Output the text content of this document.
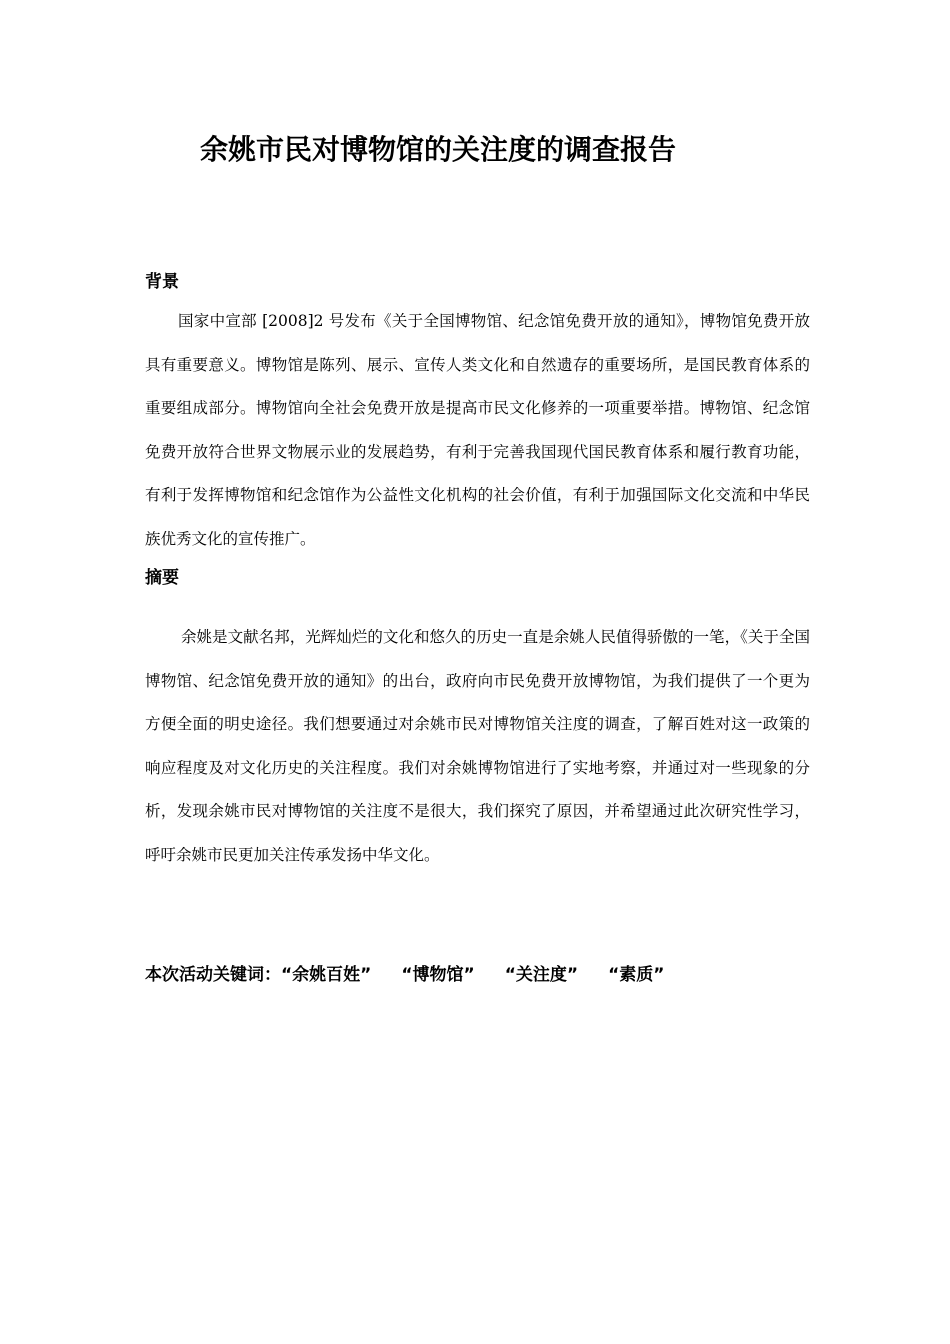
余姚市民对博物馆的关注度的调查报告
背景
国家中宣部 [2008]2 号发布《关于全国博物馆、纪念馆免费开放的通知》，博物馆免费开放具有重要意义。博物馆是陈列、展示、宣传人类文化和自然遗存的重要场所，是国民教育体系的重要组成部分。博物馆向全社会免费开放是提高市民文化修养的一项重要举措。博物馆、纪念馆免费开放符合世界文物展示业的发展趋势，有利于完善我国现代国民教育体系和履行教育功能，有利于发挥博物馆和纪念馆作为公益性文化机构的社会价值，有利于加强国际文化交流和中华民族优秀文化的宣传推广。
摘要
余姚是文献名邦，光辉灿烂的文化和悠久的历史一直是余姚人民值得骄傲的一笔，《关于全国博物馆、纪念馆免费开放的通知》的出台，政府向市民免费开放博物馆，为我们提供了一个更为方便全面的明史途径。我们想要通过对余姚市民对博物馆关注度的调查，了解百姓对这一政策的响应程度及对文化历史的关注程度。我们对余姚博物馆进行了实地考察，并通过对一些现象的分析，发现余姚市民对博物馆的关注度不是很大，我们探究了原因，并希望通过此次研究性学习，呼吁余姚市民更加关注传承发扬中华文化。
本次活动关键词：“余姚百姓” “博物馆” “关注度” “素质”
